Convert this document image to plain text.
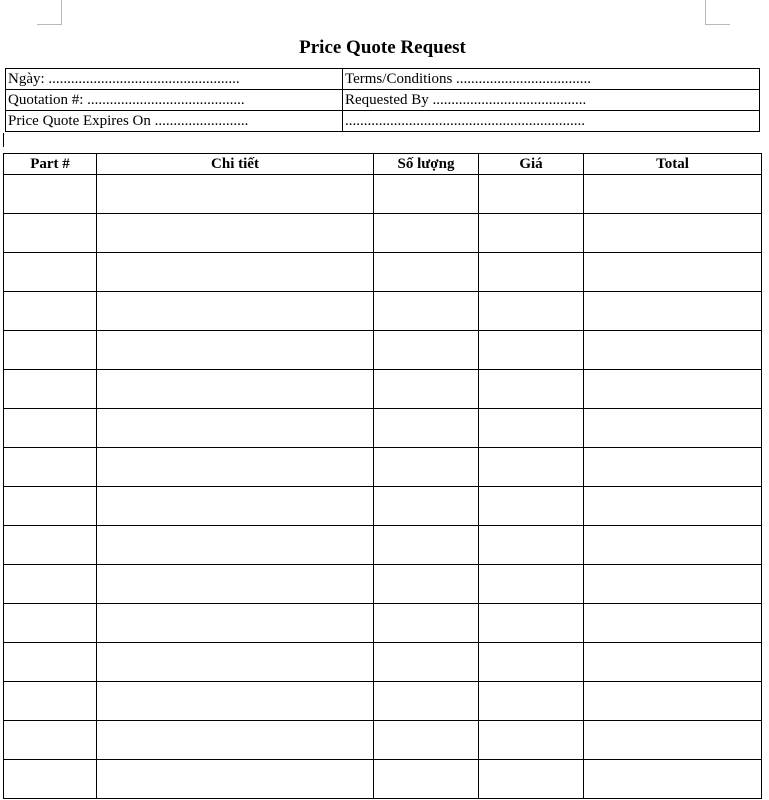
Price Quote Request
Ngày: ...................................................	Terms/Conditions ....................................
Quotation #: ..........................................	Requested By .........................................
Price Quote Expires On .........................	................................................................
Part #	Chi tiết	Số lượng	Giá	Total
